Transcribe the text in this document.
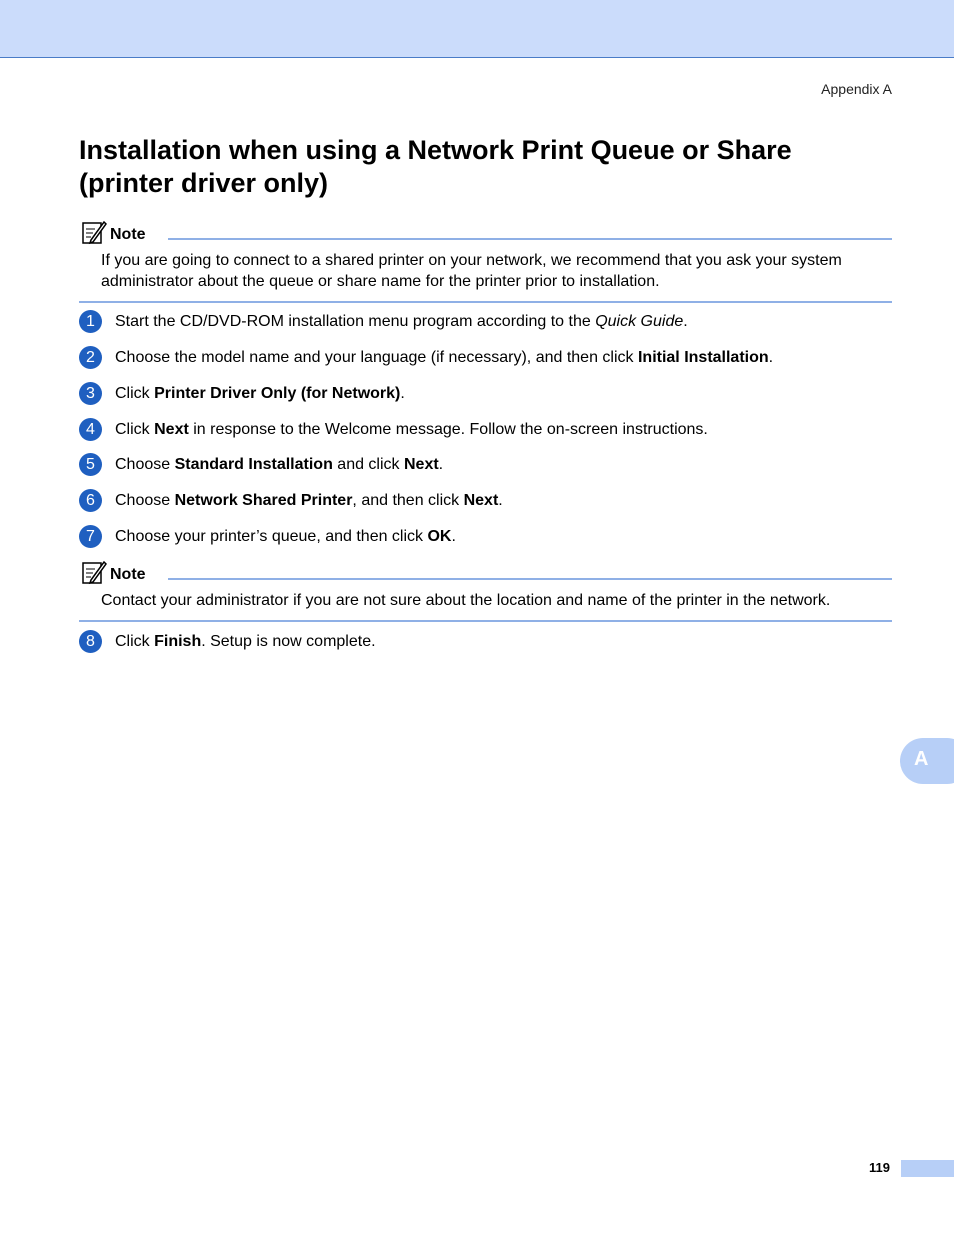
Appendix A
Installation when using a Network Print Queue or Share (printer driver only)
Note
If you are going to connect to a shared printer on your network, we recommend that you ask your system administrator about the queue or share name for the printer prior to installation.
1	Start the CD/DVD-ROM installation menu program according to the Quick Guide.
2	Choose the model name and your language (if necessary), and then click Initial Installation.
3	Click Printer Driver Only (for Network).
4	Click Next in response to the Welcome message. Follow the on-screen instructions.
5	Choose Standard Installation and click Next.
6	Choose Network Shared Printer, and then click Next.
7	Choose your printer’s queue, and then click OK.
Note
Contact your administrator if you are not sure about the location and name of the printer in the network.
8	Click Finish. Setup is now complete.
A
119
